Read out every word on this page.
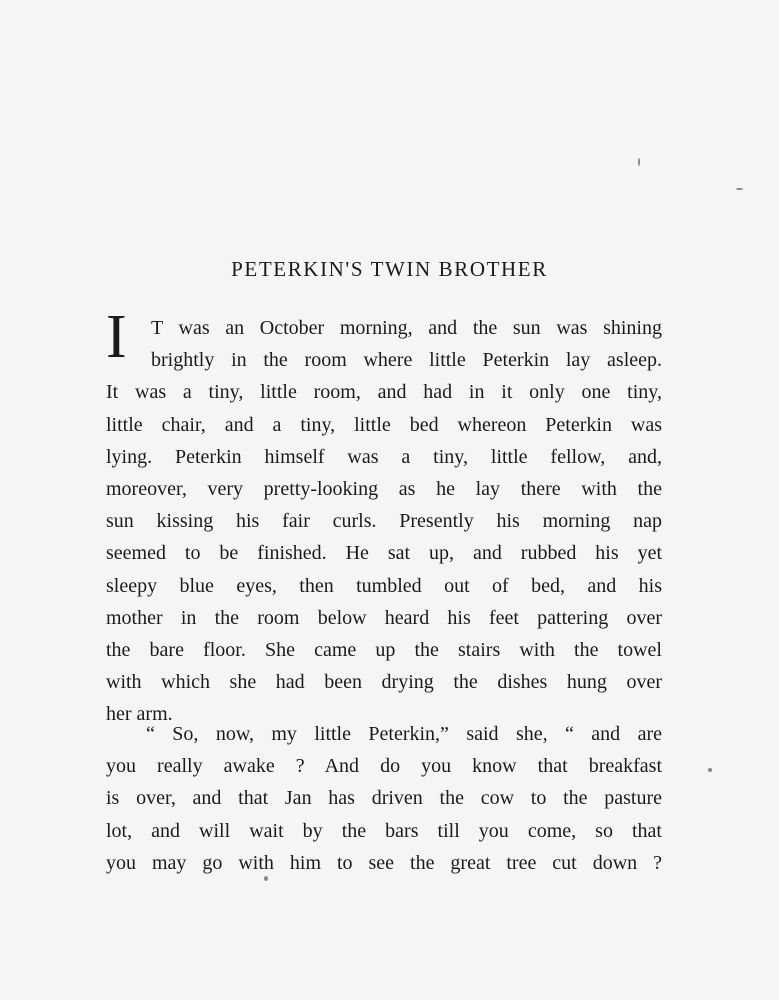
PETERKIN'S TWIN BROTHER
I	T was an October morning, and the sun was shining
brightly in the room where little Peterkin lay asleep.
It was a tiny, little room, and had in it only one tiny,
little chair, and a tiny, little bed whereon Peterkin was
lying. Peterkin himself was a tiny, little fellow, and,
moreover, very pretty-looking as he lay there with the
sun kissing his fair curls. Presently his morning nap
seemed to be finished. He sat up, and rubbed his yet
sleepy blue eyes, then tumbled out of bed, and his
mother in the room below heard his feet pattering over
the bare floor. She came up the stairs with the towel
with which she had been drying the dishes hung over
her arm.
“ So, now, my little Peterkin,” said she, “ and are
you really awake ? And do you know that breakfast
is over, and that Jan has driven the cow to the pasture
lot, and will wait by the bars till you come, so that
you may go with him to see the great tree cut down ?
